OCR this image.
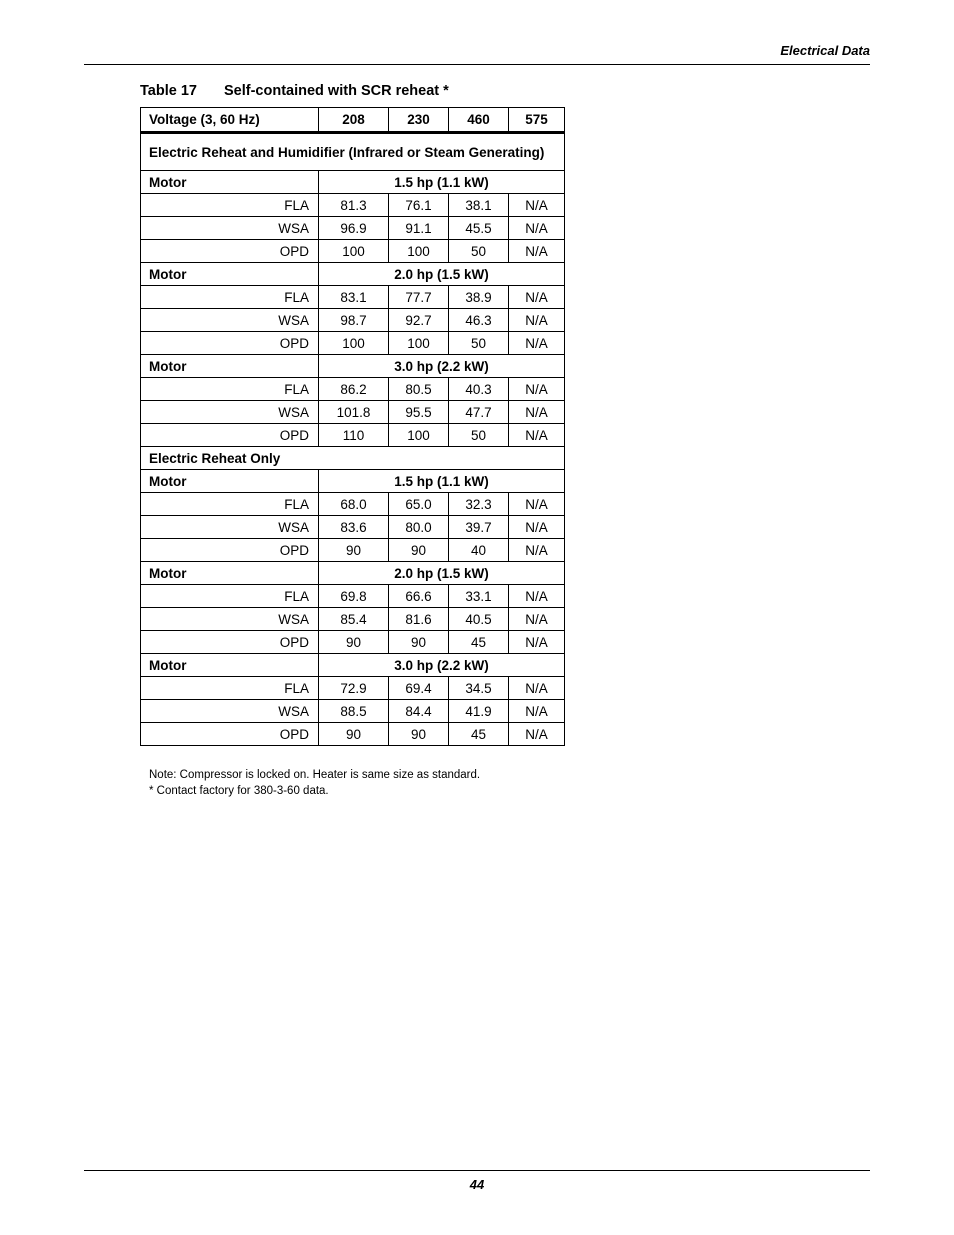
Electrical Data
Table 17 Self-contained with SCR reheat *
Voltage (3, 60 Hz)	208	230	460	575
Electric Reheat and Humidifier (Infrared or Steam Generating)				
Motor	1.5 hp (1.1 kW)			
FLA	81.3	76.1	38.1	N/A
WSA	96.9	91.1	45.5	N/A
OPD	100	100	50	N/A
Motor	2.0 hp (1.5 kW)			
FLA	83.1	77.7	38.9	N/A
WSA	98.7	92.7	46.3	N/A
OPD	100	100	50	N/A
Motor	3.0 hp (2.2 kW)			
FLA	86.2	80.5	40.3	N/A
WSA	101.8	95.5	47.7	N/A
OPD	110	100	50	N/A
Electric Reheat Only				
Motor	1.5 hp (1.1 kW)			
FLA	68.0	65.0	32.3	N/A
WSA	83.6	80.0	39.7	N/A
OPD	90	90	40	N/A
Motor	2.0 hp (1.5 kW)			
FLA	69.8	66.6	33.1	N/A
WSA	85.4	81.6	40.5	N/A
OPD	90	90	45	N/A
Motor	3.0 hp (2.2 kW)			
FLA	72.9	69.4	34.5	N/A
WSA	88.5	84.4	41.9	N/A
OPD	90	90	45	N/A
Note: Compressor is locked on. Heater is same size as standard.
* Contact factory for 380-3-60 data.
44
